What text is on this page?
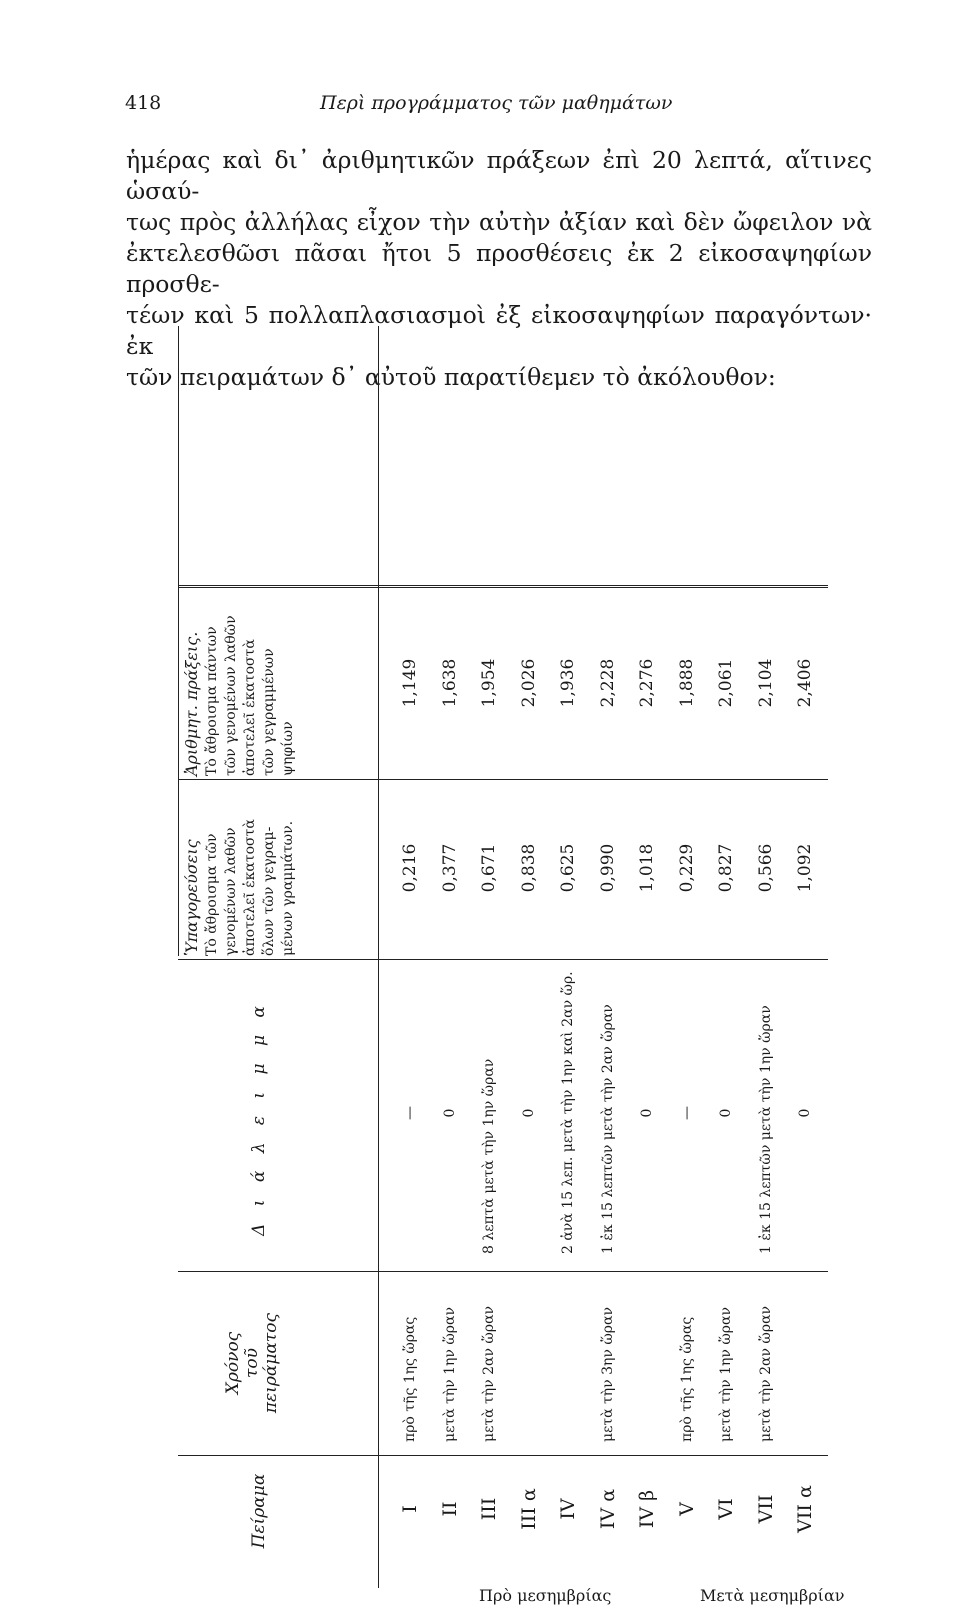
418	Περὶ προγράμματος τῶν μαθημάτων
ἡμέρας καὶ δι᾿ ἀριθμητικῶν πράξεων ἐπὶ 20 λεπτά, αἵτινες ὡσαύ-
τως πρὸς ἀλλήλας εἶχον τὴν αὐτὴν ἀξίαν καὶ δὲν ὤφειλον νὰ
ἐκτελεσθῶσι πᾶσαι ἤτοι 5 προσθέσεις ἐκ 2 εἰκοσαψηφίων προσθε-
τέων καὶ 5 πολλαπλασιασμοὶ ἐξ εἰκοσαψηφίων παραγόντων· ἐκ
τῶν πειραμάτων δ᾿ αὐτοῦ παρατίθεμεν τὸ ἀκόλουθον:
Πείραμα
Χρόνος τοῦ πειράματος
Δ ι ά λ ε ι μ μ α
Ὑπαγορεύσεις Τὸ ἄθροισμα τῶν γενομένων λαθῶν ἀποτελεῖ ἑκατοστὰ ὅλων τῶν γεγραμ- μένων γραμμάτων.
Ἀριθμητ. πράξεις. Τὸ ἄθροισμα πάντων τῶν γενομένων λαθῶν ἀποτελεῖ ἑκατοστὰ τῶν γεγραμμένων ψηφίων
I
πρὸ τῆς 1ης ὥρας
—
0,216
1,149
II
μετὰ τὴν 1ην ὥραν
0
0,377
1,638
III
μετὰ τὴν 2αν ὥραν
8 λεπτὰ μετὰ τὴν 1ην ὥραν
0,671
1,954
III α
0
0,838
2,026
IV
2 ἀνὰ 15 λεπ. μετὰ τὴν 1ην καὶ 2αν ὥρ.
0,625
1,936
IV α
μετὰ τὴν 3ην ὥραν
1 ἐκ 15 λεπτῶν μετὰ τὴν 2αν ὥραν
0,990
2,228
IV β
0
1,018
2,276
V
πρὸ τῆς 1ης ὥρας
—
0,229
1,888
VI
μετὰ τὴν 1ην ὥραν
0
0,827
2,061
VII
μετὰ τὴν 2αν ὥραν
1 ἐκ 15 λεπτῶν μετὰ τὴν 1ην ὥραν
0,566
2,104
VII α
0
1,092
2,406
Πρὸ μεσημβρίας	Μετὰ μεσημβρίαν
